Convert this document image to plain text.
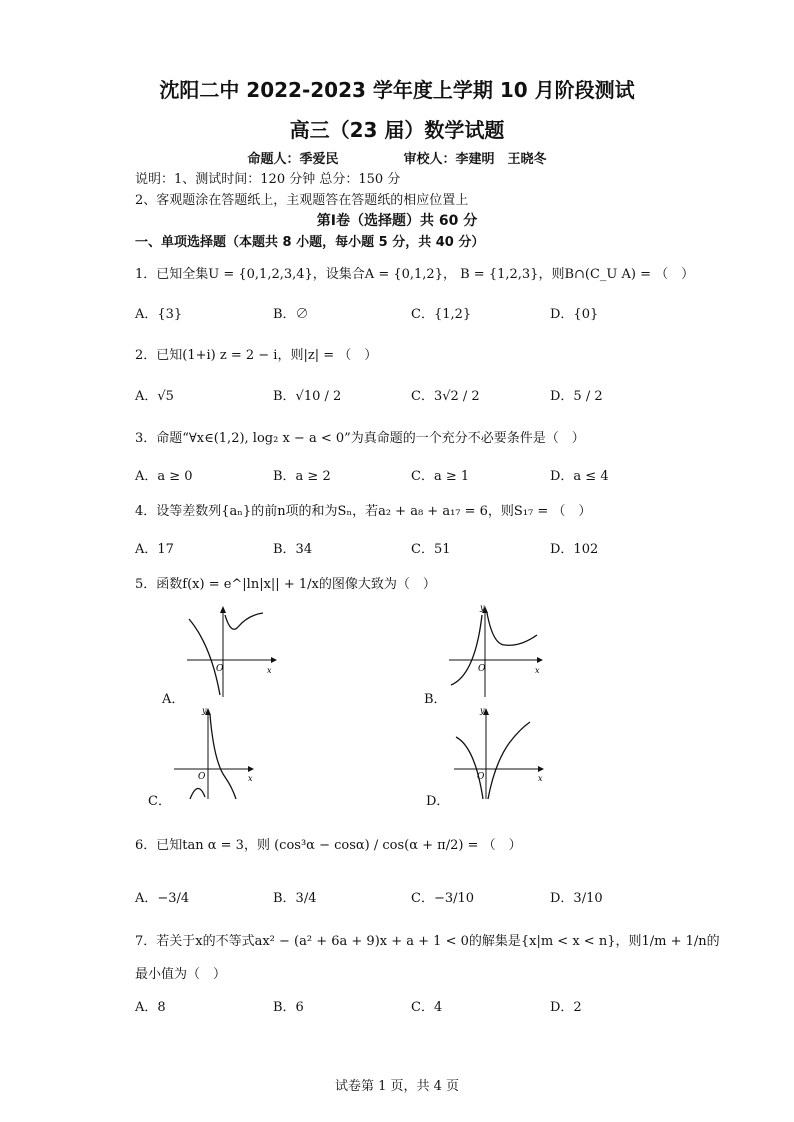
沈阳二中 2022-2023 学年度上学期 10 月阶段测试
高三（23 届）数学试题
命题人：季爱民　　　　　审校人：李建明　王晓冬
说明：1、测试时间：120 分钟 总分：150 分
2、客观题涂在答题纸上，主观题答在答题纸的相应位置上
第Ⅰ卷（选择题）共 60 分
一、单项选择题（本题共 8 小题，每小题 5 分，共 40 分）
1．已知全集U = {0,1,2,3,4}，设集合A = {0,1,2}， B = {1,2,3}，则B∩(C_U A) = （　）
A．{3}	B．∅	C．{1,2}	D．{0}
2．已知(1+i) z = 2 − i，则|z| = （　）
A．√5	B．√10 / 2	C．3√2 / 2	D．5 / 2
3．命题“∀x∈(1,2), log₂ x − a < 0”为真命题的一个充分不必要条件是（　）
A．a ≥ 0	B．a ≥ 2	C．a ≥ 1	D．a ≤ 4
4．设等差数列{aₙ}的前n项的和为Sₙ，若a₂ + a₈ + a₁₇ = 6，则S₁₇ = （　）
A．17	B．34	C．51	D．102
5．函数f(x) = e^|ln|x|| + 1/x的图像大致为（　）
x
O
A．
y
x
O
B．
y
x
O
C．
y
x
O
D．
6．已知tan α = 3，则 (cos³α − cosα) / cos(α + π/2) = （　）
A．−3/4	B．3/4	C．−3/10	D．3/10
7．若关于x的不等式ax² − (a² + 6a + 9)x + a + 1 < 0的解集是{x|m < x < n}，则1/m + 1/n的
最小值为（　）
A．8	B．6	C．4	D．2
试卷第 1 页，共 4 页
